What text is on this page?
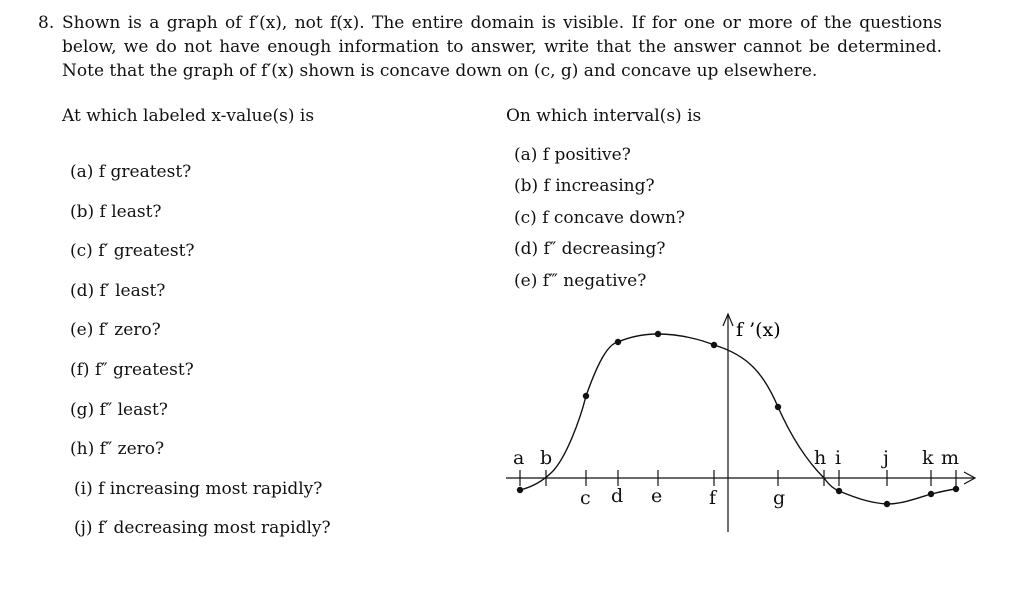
8. Shown is a graph of f′(x), not f(x). The entire domain is visible. If for one or more of the questions below, we do not have enough information to answer, write that the answer cannot be determined. Note that the graph of f′(x) shown is concave down on (c, g) and concave up elsewhere.
At which labeled x-value(s) is
(a) f greatest?
(b) f least?
(c) f′ greatest?
(d) f′ least?
(e) f′ zero?
(f) f″ greatest?
(g) f″ least?
(h) f″ zero?
(i) f increasing most rapidly?
(j) f′ decreasing most rapidly?
On which interval(s) is
(a) f positive?
(b) f increasing?
(c) f concave down?
(d) f″ decreasing?
(e) f‴ negative?
f ’(x)
a b
c d e f	g
h i j k m
